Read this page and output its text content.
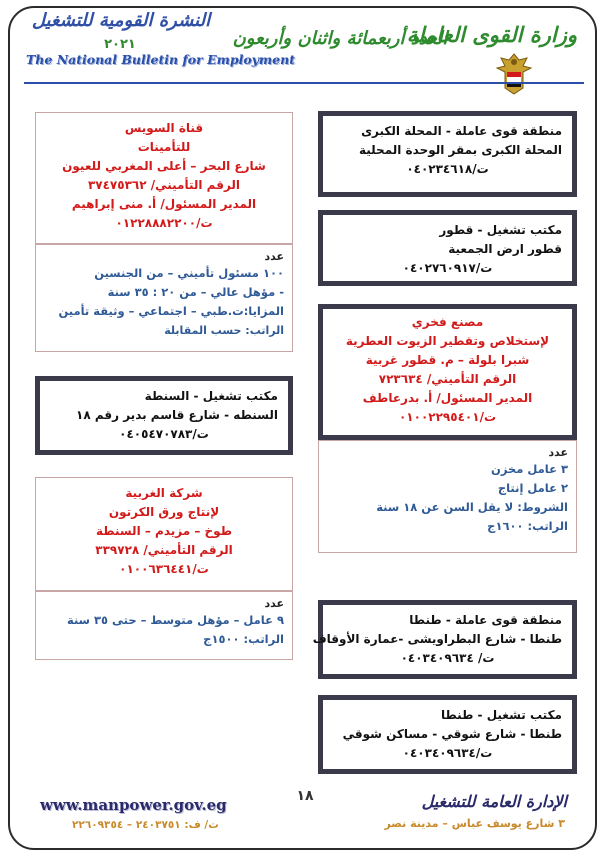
وزارة القوى العاملة
العدد أربعمائة واثنان وأربعون
النشرة القومية للتشغيل
٢٠٢١
The National Bulletin for Employment
منطقة قوى عاملة - المحلة الكبرى
المحلة الكبرى بمقر الوحدة المحلية
ت/٠٤٠٢٣٤٦١٨
مكتب تشغيل - قطور
قطور ارض الجمعية
ت/٠٤٠٢٧٦٠٩١٧
مصنع فخري
لإستخلاص وتقطير الزيوت العطرية
شبرا بلولة – م. قطور غربية
الرقم التأميني/ ٧٢٣٦٣٤
المدير المسئول/ أ. بدرعاطف
ت/٠١٠٠٢٢٩٥٤٠١
عدد
٣ عامل مخزن
٢ عامل إنتاج
الشروط: لا يقل السن عن ١٨ سنة
الراتب: ١٦٠٠ج
منطقة قوى عاملة - طنطا
طنطا - شارع البطراويشى -عمارة الأوقاف
ت/ ٠٤٠٣٤٠٩٦٣٤
مكتب تشغيل - طنطا
طنطا - شارع شوقي - مساكن شوقي
ت/٠٤٠٣٤٠٩٦٣٤
قناة السويس
للتأمينات
شارع البحر – أعلى المغربي للعيون
الرقم التأميني/ ٣٧٤٧٥٣٦٢
المدير المسئول/ أ. منى إبراهيم
ت/٠١٢٢٨٨٨٢٢٠٠
عدد
١٠٠ مسئول تأميني – من الجنسين
- مؤهل عالي – من ٢٠ : ٣٥ سنة
المزايا:ت.طبي – اجتماعي – وثيقة تأمين
الراتب: حسب المقابلة
مكتب تشغيل - السنطة
السنطه - شارع قاسم بدير رقم ١٨
ت/٠٤٠٥٤٧٠٧٨٣
شركة الغربية
لإنتاج ورق الكرتون
طوخ – مزيدم – السنطة
الرقم التأميني/ ٣٣٩٧٢٨
ت/٠١٠٠٦٣٦٤٤١
عدد
٩ عامل – مؤهل متوسط – حتى ٣٥ سنة
الراتب: ١٥٠٠ج
www.manpower.gov.eg	١٨	الإدارة العامة للتشغيل
٣ شارع يوسف عباس – مدينة نصر
ت/ ف: ٢٤٠٣٧٥١ – ٢٢٦٠٩٣٥٤
